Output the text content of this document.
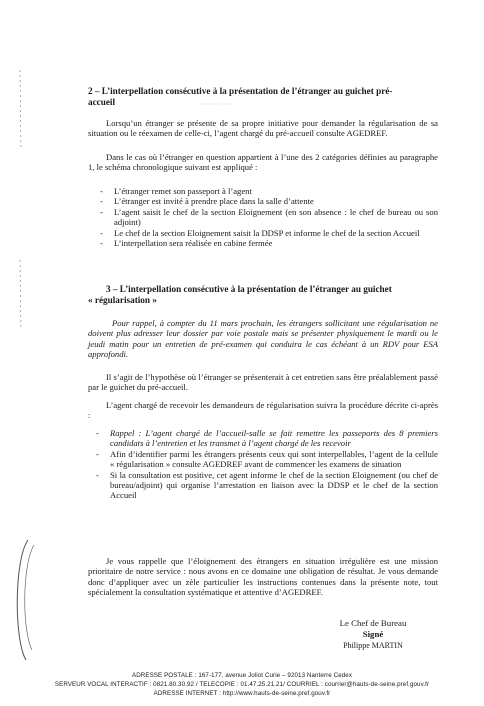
2 – L’interpellation consécutive à la présentation de l’étranger au guichet pré-
accueil
Lorsqu’un étranger se présente de sa propre initiative pour demander la régularisation de sa situation ou le réexamen de celle-ci, l’agent chargé du pré-accueil consulte AGEDREF.
Dans le cas où l’étranger en question appartient à l’une des 2 catégories définies au paragraphe 1, le schéma chronologique suivant est appliqué :
- L’étranger remet son passeport à l’agent
- L’étranger est invité à prendre place dans la salle d’attente
- L’agent saisit le chef de la section Eloignement (en son absence : le chef de bureau ou son adjoint)
- Le chef de la section Eloignement saisit la DDSP et informe le chef de la section Accueil
- L’interpellation sera réalisée en cabine fermée
3 – L’interpellation consécutive à la présentation de l’étranger au guichet
« régularisation »
Pour rappel, à compter du 11 mars prochain, les étrangers sollicitant une régularisation ne doivent plus adresser leur dossier par voie postale mais se présenter physiquement le mardi ou le jeudi matin pour un entretien de pré-examen qui conduira le cas échéant à un RDV pour ESA approfondi.
Il s’agit de l’hypothèse où l’étranger se présenterait à cet entretien sans être préalablement passé par le guichet du pré-accueil.
L’agent chargé de recevoir les demandeurs de régularisation suivra la procédure décrite ci-après :
- Rappel : L’agent chargé de l’accueil-salle se fait remettre les passeports des 8 premiers candidats à l’entretien et les transmet à l’agent chargé de les recevoir
- Afin d’identifier parmi les étrangers présents ceux qui sont interpellables, l’agent de la cellule « régularisation » consulte AGEDREF avant de commencer les examens de situation
- Si la consultation est positive, cet agent informe le chef de la section Eloignement (ou chef de bureau/adjoint) qui organise l’arrestation en liaison avec la DDSP et le chef de la section Accueil
Je vous rappelle que l’éloignement des étrangers en situation irrégulière est une mission prioritaire de notre service : nous avons en ce domaine une obligation de résultat. Je vous demande donc d’appliquer avec un zèle particulier les instructions contenues dans la présente note, tout spécialement la consultation systématique et attentive d’AGEDREF.
Le Chef de Bureau
Signé
Philippe MARTIN
ADRESSE POSTALE : 167-177, avenue Joliot Curie – 92013 Nanterre Cedex
SERVEUR VOCAL INTERACTIF : 0821.80.30.92 / TELECOPIE : 01.47.25.21.21/ COURRIEL : courrier@hauts-de-seine.pref.gouv.fr
ADRESSE INTERNET : http://www.hauts-de-seine.pref.gouv.fr
